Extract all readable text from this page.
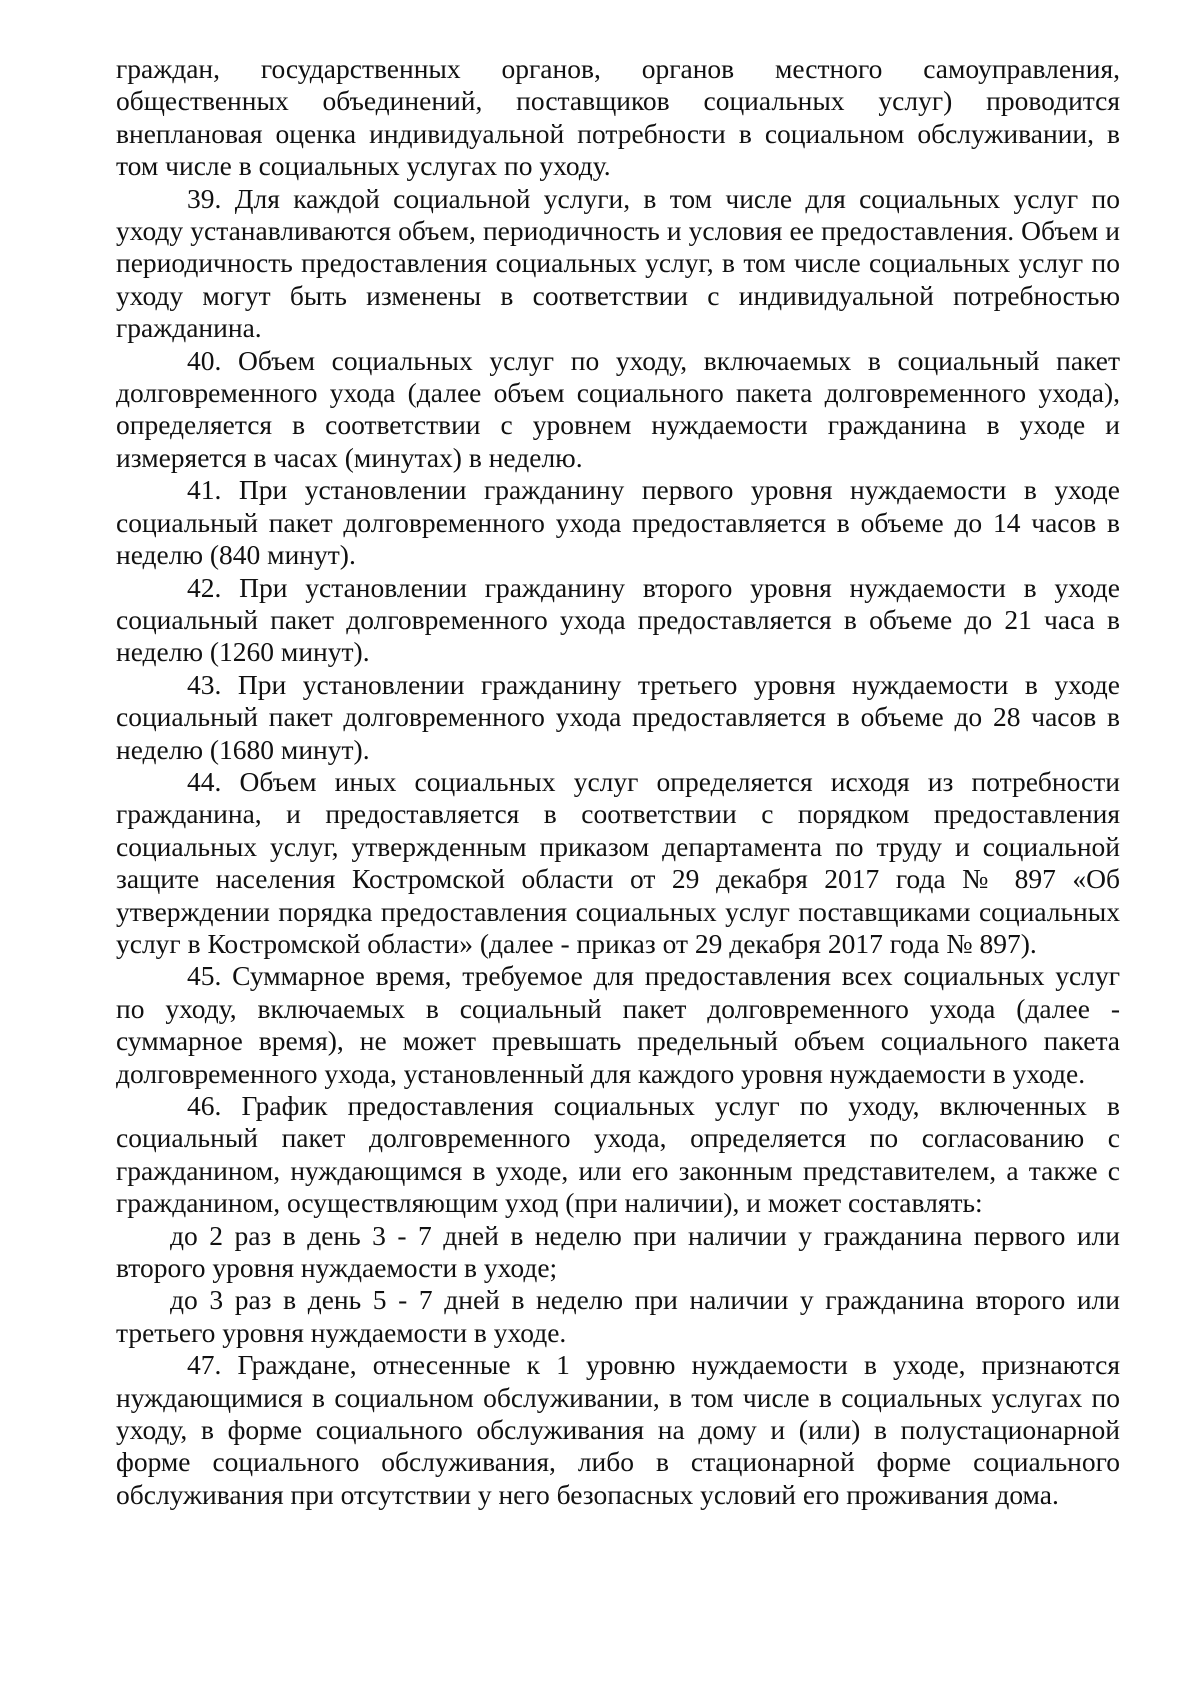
граждан, государственных органов, органов местного самоуправления, общественных объединений, поставщиков социальных услуг) проводится внеплановая оценка индивидуальной потребности в социальном обслуживании, в том числе в социальных услугах по уходу.

39. Для каждой социальной услуги, в том числе для социальных услуг по уходу устанавливаются объем, периодичность и условия ее предоставления. Объем и периодичность предоставления социальных услуг, в том числе социальных услуг по уходу могут быть изменены в соответствии с индивидуальной потребностью гражданина.

40. Объем социальных услуг по уходу, включаемых в социальный пакет долговременного ухода (далее объем социального пакета долговременного ухода), определяется в соответствии с уровнем нуждаемости гражданина в уходе и измеряется в часах (минутах) в неделю.

41. При установлении гражданину первого уровня нуждаемости в уходе социальный пакет долговременного ухода предоставляется в объеме до 14 часов в неделю (840 минут).

42. При установлении гражданину второго уровня нуждаемости в уходе социальный пакет долговременного ухода предоставляется в объеме до 21 часа в неделю (1260 минут).

43. При установлении гражданину третьего уровня нуждаемости в уходе социальный пакет долговременного ухода предоставляется в объеме до 28 часов в неделю (1680 минут).

44. Объем иных социальных услуг определяется исходя из потребности гражданина, и предоставляется в соответствии с порядком предоставления социальных услуг, утвержденным приказом департамента по труду и социальной защите населения Костромской области от 29 декабря 2017 года № 897 «Об утверждении порядка предоставления социальных услуг поставщиками социальных услуг в Костромской области» (далее - приказ от 29 декабря 2017 года № 897).

45. Суммарное время, требуемое для предоставления всех социальных услуг по уходу, включаемых в социальный пакет долговременного ухода (далее - суммарное время), не может превышать предельный объем социального пакета долговременного ухода, установленный для каждого уровня нуждаемости в уходе.

46. График предоставления социальных услуг по уходу, включенных в социальный пакет долговременного ухода, определяется по согласованию с гражданином, нуждающимся в уходе, или его законным представителем, а также с гражданином, осуществляющим уход (при наличии), и может составлять:

до 2 раз в день 3 - 7 дней в неделю при наличии у гражданина первого или второго уровня нуждаемости в уходе;

до 3 раз в день 5 - 7 дней в неделю при наличии у гражданина второго или третьего уровня нуждаемости в уходе.

47. Граждане, отнесенные к 1 уровню нуждаемости в уходе, признаются нуждающимися в социальном обслуживании, в том числе в социальных услугах по уходу, в форме социального обслуживания на дому и (или) в полустационарной форме социального обслуживания, либо в стационарной форме социального обслуживания при отсутствии у него безопасных условий его проживания дома.
